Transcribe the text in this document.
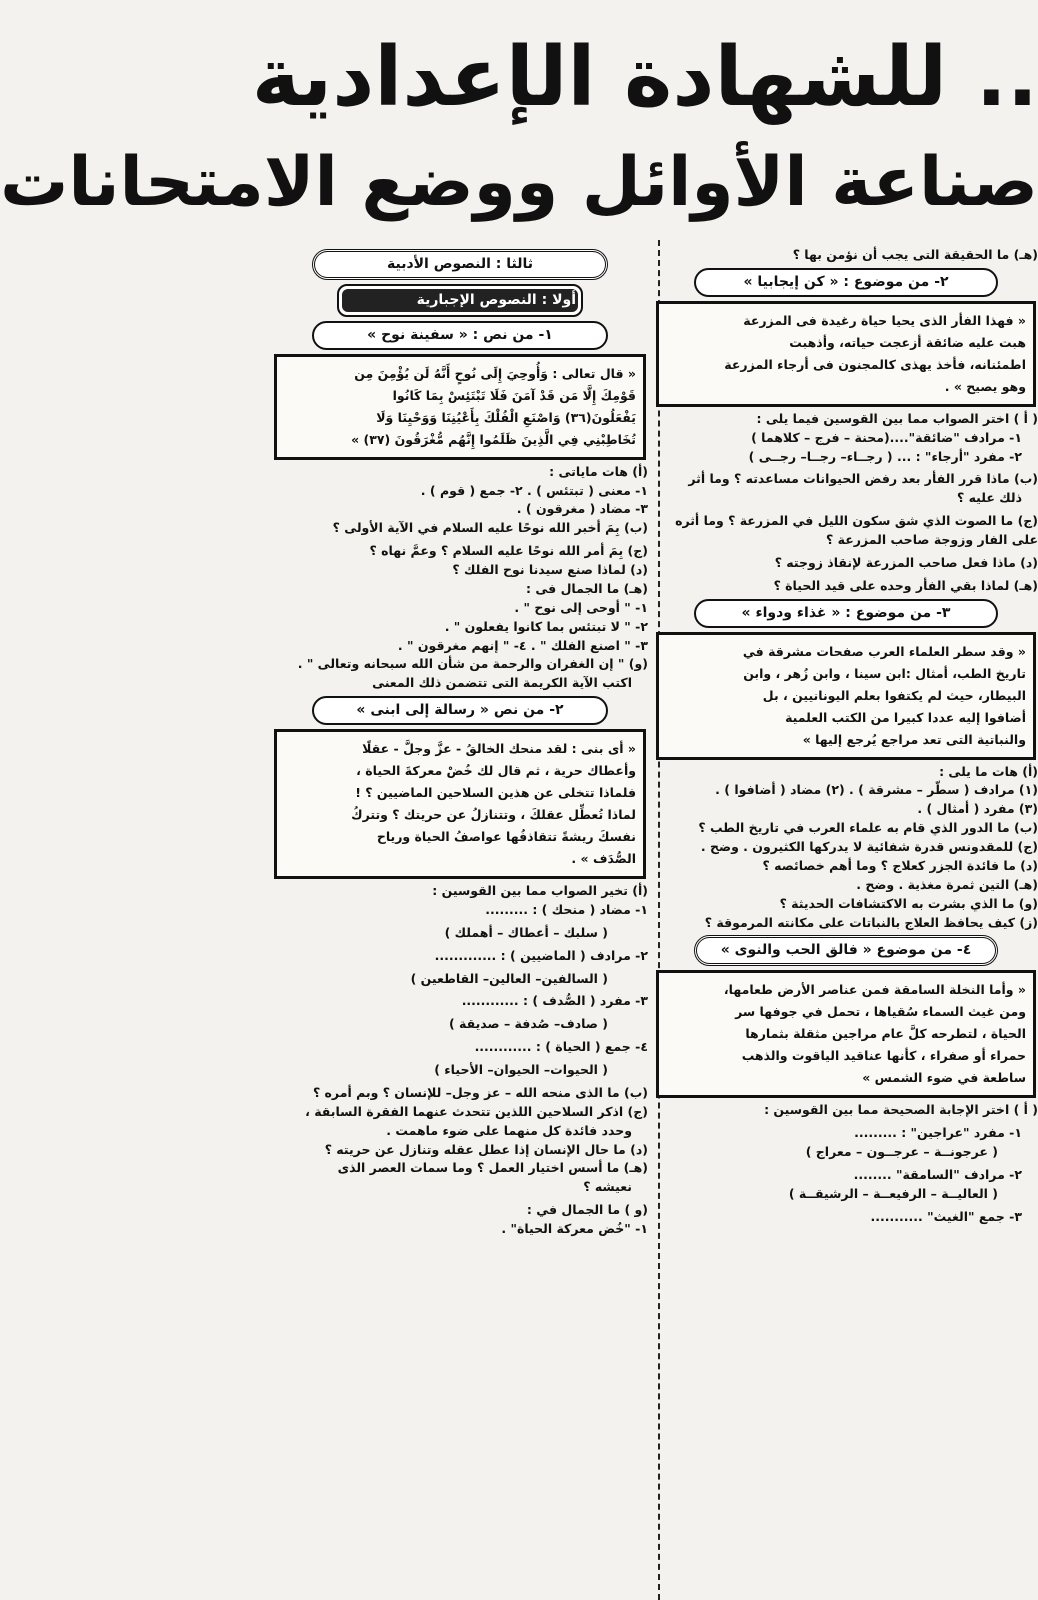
.. للشهادة الإعدادية
صناعة الأوائل ووضع الامتحانات
(هـ) ما الحقيقة التى يجب أن نؤمن بها ؟
٢- من موضوع : « كن إيجابيا »
« فهذا الفأر الذى يحيا حياة رغيدة فى المزرعة
هبت عليه ضائقة أزعجت حياته، وأذهبت
اطمئنانه، فأخذ يهذى كالمجنون فى أرجاء المزرعة
وهو يصيح » .
( أ ) اختر الصواب مما بين القوسين فيما يلى :
١- مرادف "ضائقة"....(محنة – فرج – كلاهما )
٢- مفرد "أرجاء" : ... ( رجــاء– رجــا– رجــى )
(ب) ماذا قرر الفأر بعد رفض الحيوانات مساعدته ؟ وما أثر
ذلك عليه ؟
(ج) ما الصوت الذي شق سكون الليل في المزرعة ؟ وما أثره
على الفار وزوجة صاحب المزرعة ؟
(د) ماذا فعل صاحب المزرعة لإنقاذ زوجته ؟
(هـ) لماذا بقي الفأر وحده على قيد الحياة ؟
٣- من موضوع : « غذاء ودواء »
« وقد سطر العلماء العرب صفحات مشرقة في
تاريخ الطب، أمثال :ابن سينا ، وابن زُهر ، وابن
البيطار، حيث لم يكتفوا بعلم اليونانيين ، بل
أضافوا إليه عددا كبيرا من الكتب العلمية
والنباتية التى تعد مراجع يُرجع إليها »
(أ) هات ما يلى :
(١) مرادف ( سطّر – مشرقة ) . (٢) مضاد ( أضافوا ) .
(٣) مفرد ( أمثال ) .
(ب) ما الدور الذي قام به علماء العرب في تاريخ الطب ؟
(ج) للمقدونس قدرة شفائية لا يدركها الكثيرون . وضح .
(د) ما فائدة الجزر كعلاج ؟ وما أهم خصائصه ؟
(هـ) التين ثمرة مغذية . وضح .
(و) ما الذي بشرت به الاكتشافات الحديثة ؟
(ز) كيف يحافظ العلاج بالنباتات على مكانته المرموقة ؟
٤- من موضوع « فالق الحب والنوى »
« وأما النخلة السامقة فمن عناصر الأرض طعامها،
ومن غيث السماء سُقياها ، تحمل في جوفها سر
الحياة ، لتطرحه كلَّ عام مراجين مثقلة بثمارها
حمراء أو صفراء ، كأنها عناقيد الياقوت والذهب
ساطعة في ضوء الشمس »
( أ ) اختر الإجابة الصحيحة مما بين القوسين :
١- مفرد "عراجين" : .........
( عرجونــة – عرجــون – معراج )
٢- مرادف "السامقة" ........
( العاليــة – الرفيعــة – الرشيقــة )
٣- جمع "الغيث" ...........
ثالثا : النصوص الأدبية
أولا : النصوص الإجبارية
١- من نص : « سفينة نوح »
« قال تعالى : وَأُوحِيَ إِلَى نُوحٍ أَنَّهُ لَن يُؤْمِنَ مِن
قَوْمِكَ إِلَّا مَن قَدْ آمَنَ فَلَا تَبْتَئِسْ بِمَا كَانُوا
يَفْعَلُونَ(٣٦) وَاصْنَعِ الْفُلْكَ بِأَعْيُنِنَا وَوَحْيِنَا وَلَا
تُخَاطِبْنِي فِي الَّذِينَ ظَلَمُوا إِنَّهُم مُّغْرَقُونَ (٣٧) »
(أ) هات ماياتى :
١- معنى ( تبتئس ) . ٢- جمع ( قوم ) .
٣- مضاد ( مغرقون ) .
(ب) بِمَ أخبر الله نوحًا عليه السلام في الآية الأولى ؟
(ج) بِمَ أمر الله نوحًا عليه السلام ؟ وعمَّ نهاه ؟
(د) لماذا صنع سيدنا نوح الفلك ؟
(هـ) ما الجمال فى :
١- " أوحى إلى نوح " .
٢- " لا تبتئس بما كانوا يفعلون " .
٣- " اصنع الفلك " . ٤- " إنهم مغرقون " .
(و) " إن الغفران والرحمة من شأن الله سبحانه وتعالى " .
اكتب الآية الكريمة التى تتضمن ذلك المعنى
٢- من نص « رسالة إلى ابنى »
« أى بنى : لقد منحك الخالقُ - عزَّ وجلَّ - عقلًا
وأعطاك حرية ، ثم قال لك خُضْ معركةَ الحياة ،
فلماذا تتخلى عن هذين السلاحين الماضيين ؟ !
لماذا تُعطِّل عقلكَ ، وتتنازلُ عن حريتك ؟ وتتركُ
نفسكَ ريشةً تتقاذفُها عواصفُ الحياة ورياح
الصُّدَف » .
(أ) تخير الصواب مما بين القوسين :
١- مضاد ( منحك ) : .........
( سلبك – أعطاك – أهملك )
٢- مرادف ( الماضيين ) : .............
( السالفين– العالين– القاطعين )
٣- مفرد ( الصُّدف ) : ............
( صادف– صُدفة – صديقة )
٤- جمع ( الحياة ) : ............
( الحيوات– الحيوان– الأحياء )
(ب) ما الذى منحه الله – عز وجل– للإنسان ؟ وبم أمره ؟
(ج) اذكر السلاحين اللذين تتحدث عنهما الفقرة السابقة ،
وحدد فائدة كل منهما على ضوء ماهمت .
(د) ما حال الإنسان إذا عطل عقله وتنازل عن حريته ؟
(هـ) ما أسس اختيار العمل ؟ وما سمات العصر الذى
نعيشه ؟
(و ) ما الجمال في :
١- "خُض معركة الحياة" .
